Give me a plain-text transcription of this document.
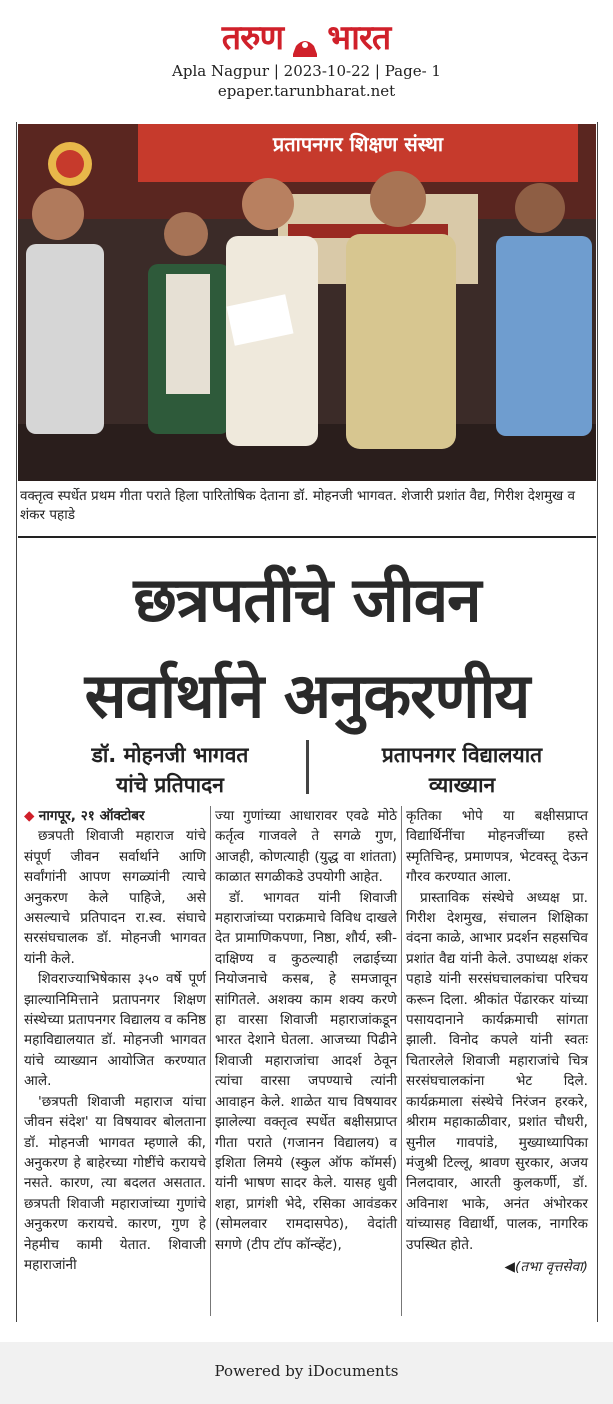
तरुण भारत
Apla Nagpur | 2023-10-22 | Page- 1
epaper.tarunbharat.net
प्रतापनगर शिक्षण संस्था
वक्तृत्व स्पर्धेत प्रथम गीता पराते हिला पारितोषिक देताना डॉ. मोहनजी भागवत. शेजारी प्रशांत वैद्य, गिरीश देशमुख व शंकर पहाडे
छत्रपतींचे जीवन
सर्वार्थाने अनुकरणीय
डॉ. मोहनजी भागवत
यांचे प्रतिपादन
प्रतापनगर विद्यालयात
व्याख्यान

◆ नागपूर, २१ ऑक्टोबर

छत्रपती शिवाजी महाराज यांचे संपूर्ण जीवन सर्वार्थाने आणि सर्वांगांनी आपण सगळ्यांनी त्याचे अनुकरण केले पाहिजे, असे असल्याचे प्रतिपादन रा.स्व. संघाचे सरसंघचालक डॉ. मोहनजी भागवत यांनी केले.

शिवराज्याभिषेकास ३५० वर्षे पूर्ण झाल्यानिमित्ताने प्रतापनगर शिक्षण संस्थेच्या प्रतापनगर विद्यालय व कनिष्ठ महाविद्यालयात डॉ. मोहनजी भागवत यांचे व्याख्यान आयोजित करण्यात आले.

'छत्रपती शिवाजी महाराज यांचा जीवन संदेश' या विषयावर बोलताना डॉ. मोहनजी भागवत म्हणाले की, अनुकरण हे बाहेरच्या गोष्टींचे करायचे नसते. कारण, त्या बदलत असतात. छत्रपती शिवाजी महाराजांच्या गुणांचे अनुकरण करायचे. कारण, गुण हे नेहमीच कामी येतात. शिवाजी महाराजांनी

ज्या गुणांच्या आधारावर एवढे मोठे कर्तृत्व गाजवले ते सगळे गुण, आजही, कोणत्याही (युद्ध वा शांतता) काळात सगळीकडे उपयोगी आहेत.

डॉ. भागवत यांनी शिवाजी महाराजांच्या पराक्रमाचे विविध दाखले देत प्रामाणिकपणा, निष्ठा, शौर्य, स्त्री-दाक्षिण्य व कुठल्याही लढाईच्या नियोजनाचे कसब, हे समजावून सांगितले. अशक्य काम शक्य करणे हा वारसा शिवाजी महाराजांकडून भारत देशाने घेतला. आजच्या पिढीने शिवाजी महाराजांचा आदर्श ठेवून त्यांचा वारसा जपण्याचे त्यांनी आवाहन केले. शाळेत याच विषयावर झालेल्या वक्तृत्व स्पर्धेत बक्षीसप्राप्त गीता पराते (गजानन विद्यालय) व इशिता लिमये (स्कुल ऑफ कॉमर्स) यांनी भाषण सादर केले. यासह धुवी शहा, प्रागंशी भेदे, रसिका आवंडकर (सोमलवार रामदासपेठ), वेदांती सगणे (टीप टॉप कॉन्व्हेंट),

कृतिका भोपे या बक्षीसप्राप्त विद्यार्थिनींचा मोहनजींच्या हस्ते स्मृतिचिन्ह, प्रमाणपत्र, भेटवस्तू देऊन गौरव करण्यात आला.

प्रास्ताविक संस्थेचे अध्यक्ष प्रा. गिरीश देशमुख, संचालन शिक्षिका वंदना काळे, आभार प्रदर्शन सहसचिव प्रशांत वैद्य यांनी केले. उपाध्यक्ष शंकर पहाडे यांनी सरसंघचालकांचा परिचय करून दिला. श्रीकांत पेंढारकर यांच्या पसायदानाने कार्यक्रमाची सांगता झाली. विनोद कपले यांनी स्वतः चितारलेले शिवाजी महाराजांचे चित्र सरसंघचालकांना भेट दिले. कार्यक्रमाला संस्थेचे निरंजन हरकरे, श्रीराम महाकाळीवार, प्रशांत चौधरी, सुनील गावपांडे, मुख्याध्यापिका मंजुश्री टिल्लू, श्रावण सुरकार, अजय निलदावार, आरती कुलकर्णी, डॉ. अविनाश भाके, अनंत अंभोरकर यांच्यासह विद्यार्थी, पालक, नागरिक उपस्थित होते.

◀(तभा वृत्तसेवा)
Powered by iDocuments
